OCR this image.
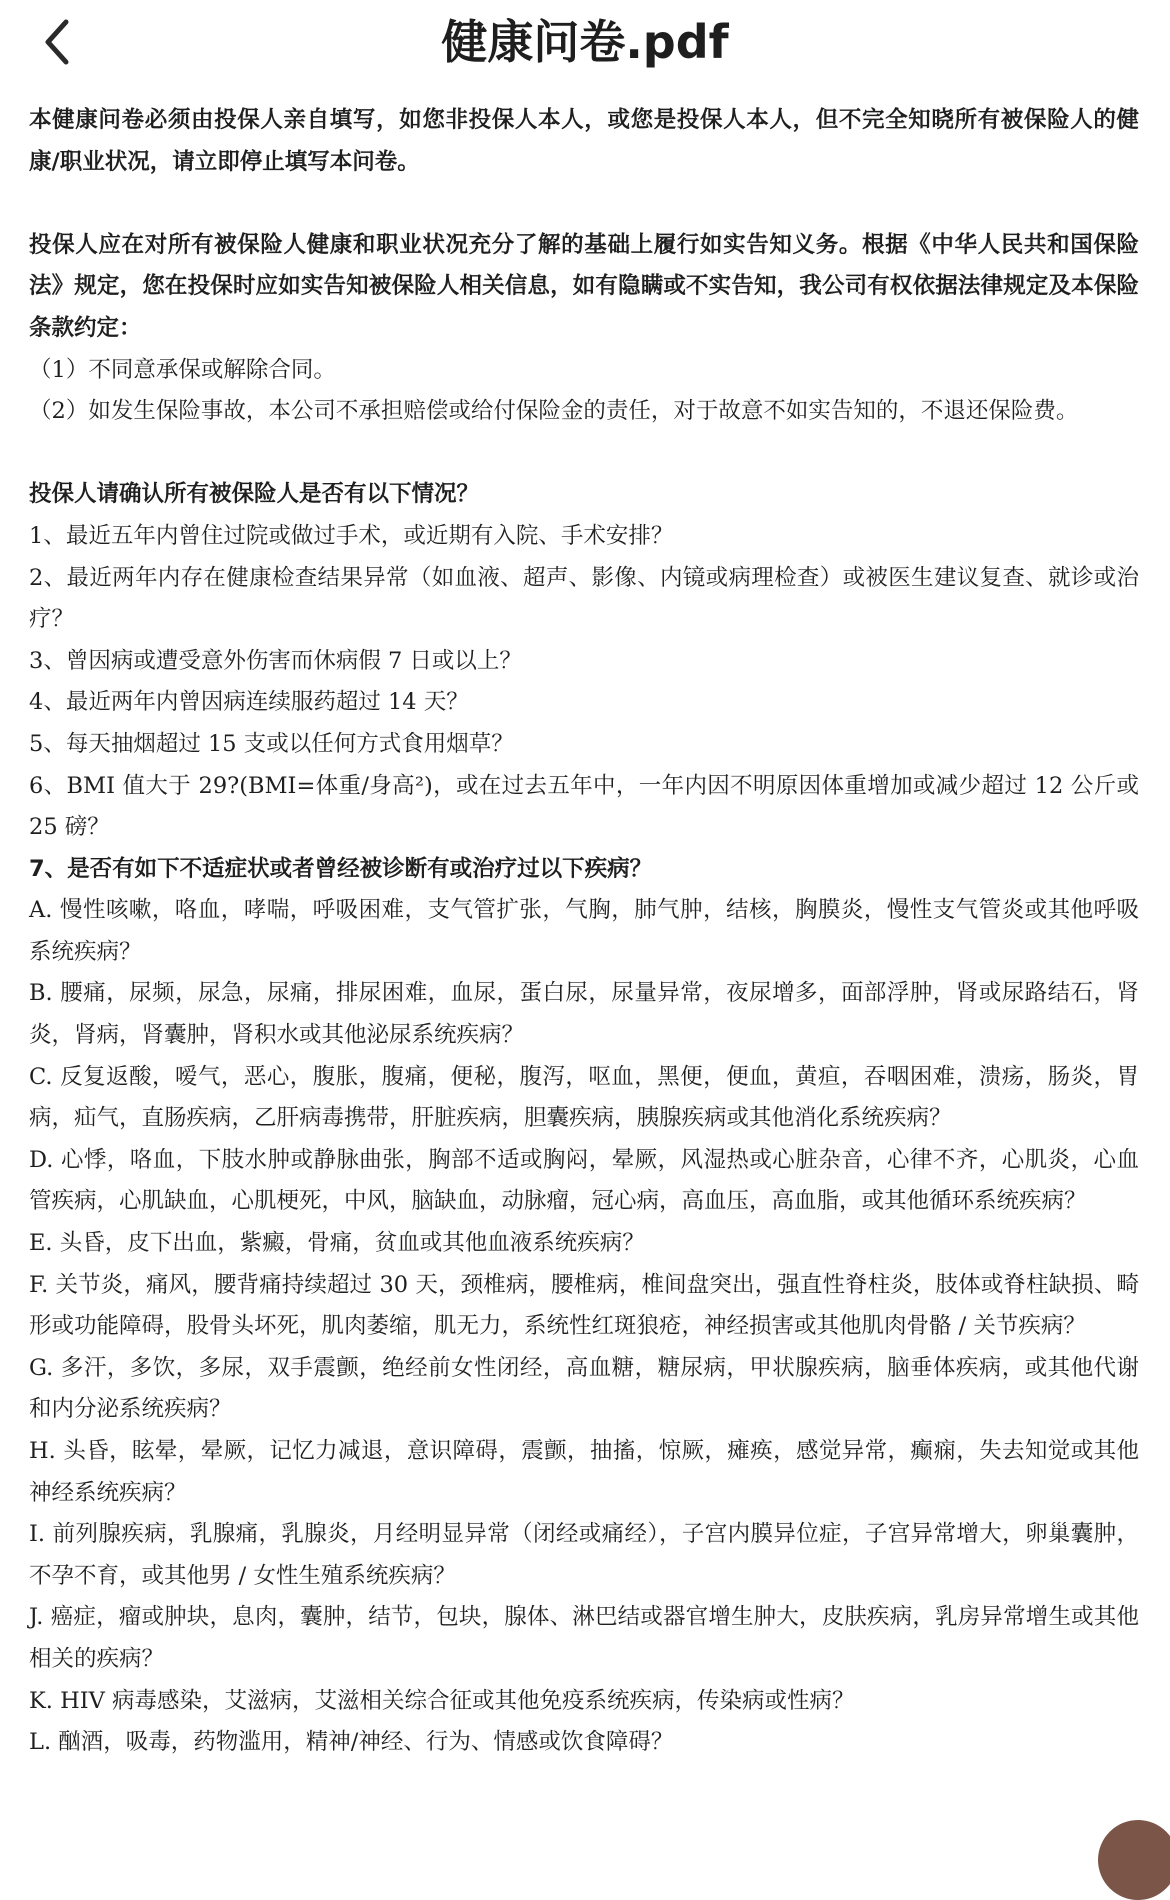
健康问卷.pdf

本健康问卷必须由投保人亲自填写，如您非投保人本人，或您是投保人本人，但不完全知晓所有被保险人的健康/职业状况，请立即停止填写本问卷。

投保人应在对所有被保险人健康和职业状况充分了解的基础上履行如实告知义务。根据《中华人民共和国保险法》规定，您在投保时应如实告知被保险人相关信息，如有隐瞒或不实告知，我公司有权依据法律规定及本保险条款约定：

（1）不同意承保或解除合同。

（2）如发生保险事故，本公司不承担赔偿或给付保险金的责任，对于故意不如实告知的，不退还保险费。

投保人请确认所有被保险人是否有以下情况？

1、最近五年内曾住过院或做过手术，或近期有入院、手术安排？

2、最近两年内存在健康检查结果异常（如血液、超声、影像、内镜或病理检查）或被医生建议复查、就诊或治疗？

3、曾因病或遭受意外伤害而休病假 7 日或以上？

4、最近两年内曾因病连续服药超过 14 天？

5、每天抽烟超过 15 支或以任何方式食用烟草？

6、BMI 值大于 29?(BMI=体重/身高²)，或在过去五年中，一年内因不明原因体重增加或减少超过 12 公斤或 25 磅？

7、是否有如下不适症状或者曾经被诊断有或治疗过以下疾病？

A. 慢性咳嗽，咯血，哮喘，呼吸困难，支气管扩张，气胸，肺气肿，结核，胸膜炎，慢性支气管炎或其他呼吸系统疾病？

B. 腰痛，尿频，尿急，尿痛，排尿困难，血尿，蛋白尿，尿量异常，夜尿增多，面部浮肿，肾或尿路结石，肾炎，肾病，肾囊肿，肾积水或其他泌尿系统疾病？

C. 反复返酸，嗳气，恶心，腹胀，腹痛，便秘，腹泻，呕血，黑便，便血，黄疸，吞咽困难，溃疡，肠炎，胃病，疝气，直肠疾病，乙肝病毒携带，肝脏疾病，胆囊疾病，胰腺疾病或其他消化系统疾病？

D. 心悸，咯血，下肢水肿或静脉曲张，胸部不适或胸闷，晕厥，风湿热或心脏杂音，心律不齐，心肌炎，心血管疾病，心肌缺血，心肌梗死，中风，脑缺血，动脉瘤，冠心病，高血压，高血脂，或其他循环系统疾病？

E. 头昏，皮下出血，紫癜，骨痛，贫血或其他血液系统疾病？

F. 关节炎，痛风，腰背痛持续超过 30 天，颈椎病，腰椎病，椎间盘突出，强直性脊柱炎，肢体或脊柱缺损、畸形或功能障碍，股骨头坏死，肌肉萎缩，肌无力，系统性红斑狼疮，神经损害或其他肌肉骨骼 / 关节疾病？

G. 多汗，多饮，多尿，双手震颤，绝经前女性闭经，高血糖，糖尿病，甲状腺疾病，脑垂体疾病，或其他代谢和内分泌系统疾病？

H. 头昏，眩晕，晕厥，记忆力减退，意识障碍，震颤，抽搐，惊厥，瘫痪，感觉异常，癫痫，失去知觉或其他神经系统疾病？

I. 前列腺疾病，乳腺痛，乳腺炎，月经明显异常（闭经或痛经），子宫内膜异位症，子宫异常增大，卵巢囊肿，不孕不育，或其他男 / 女性生殖系统疾病？

J. 癌症，瘤或肿块，息肉，囊肿，结节，包块，腺体、淋巴结或器官增生肿大，皮肤疾病，乳房异常增生或其他相关的疾病？

K. HIV 病毒感染，艾滋病，艾滋相关综合征或其他免疫系统疾病，传染病或性病？

L. 酗酒，吸毒，药物滥用，精神/神经、行为、情感或饮食障碍？
